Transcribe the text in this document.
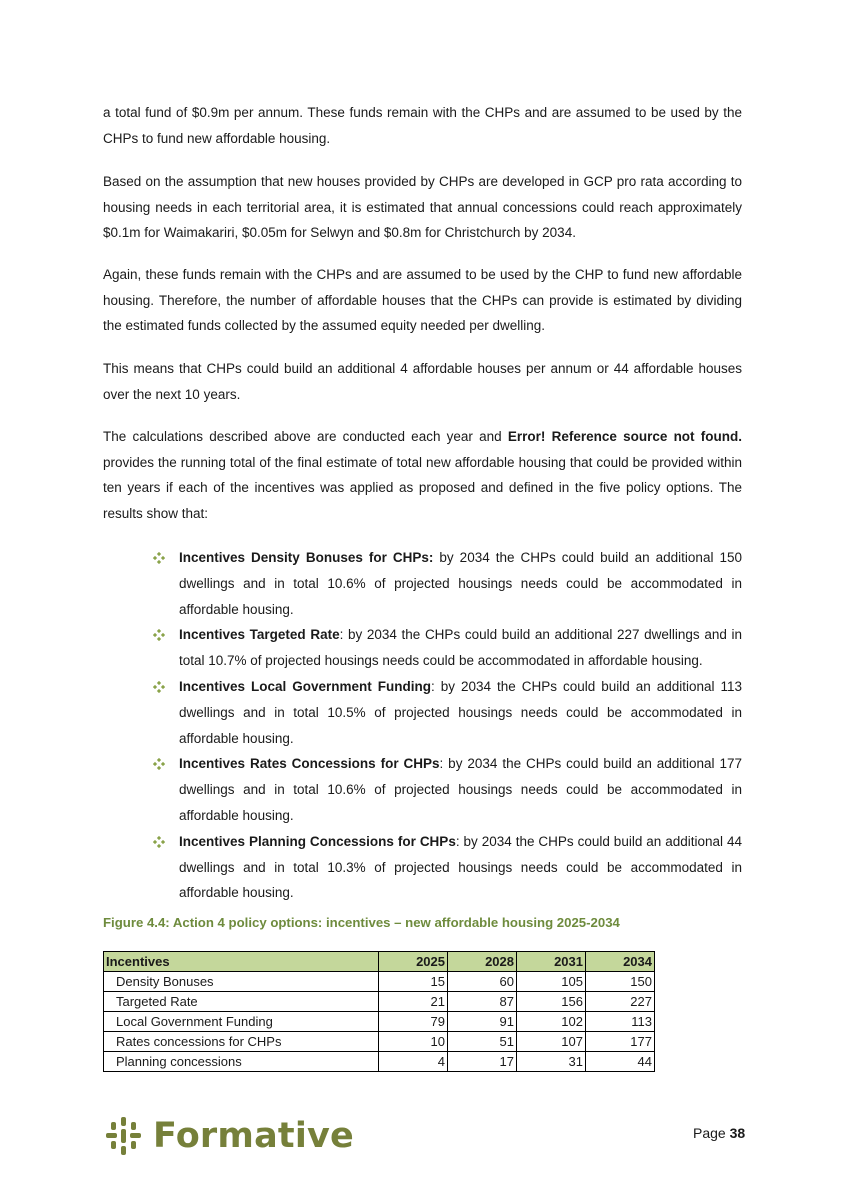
a total fund of $0.9m per annum. These funds remain with the CHPs and are assumed to be used by the CHPs to fund new affordable housing.

Based on the assumption that new houses provided by CHPs are developed in GCP pro rata according to housing needs in each territorial area, it is estimated that annual concessions could reach approximately $0.1m for Waimakariri, $0.05m for Selwyn and $0.8m for Christchurch by 2034.

Again, these funds remain with the CHPs and are assumed to be used by the CHP to fund new affordable housing. Therefore, the number of affordable houses that the CHPs can provide is estimated by dividing the estimated funds collected by the assumed equity needed per dwelling.

This means that CHPs could build an additional 4 affordable houses per annum or 44 affordable houses over the next 10 years.

The calculations described above are conducted each year and Error! Reference source not found. provides the running total of the final estimate of total new affordable housing that could be provided within ten years if each of the incentives was applied as proposed and defined in the five policy options. The results show that:

Incentives Density Bonuses for CHPs: by 2034 the CHPs could build an additional 150 dwellings and in total 10.6% of projected housings needs could be accommodated in affordable housing.
Incentives Targeted Rate: by 2034 the CHPs could build an additional 227 dwellings and in total 10.7% of projected housings needs could be accommodated in affordable housing.
Incentives Local Government Funding: by 2034 the CHPs could build an additional 113 dwellings and in total 10.5% of projected housings needs could be accommodated in affordable housing.
Incentives Rates Concessions for CHPs: by 2034 the CHPs could build an additional 177 dwellings and in total 10.6% of projected housings needs could be accommodated in affordable housing.
Incentives Planning Concessions for CHPs: by 2034 the CHPs could build an additional 44 dwellings and in total 10.3% of projected housings needs could be accommodated in affordable housing.

Figure 4.4: Action 4 policy options: incentives – new affordable housing 2025-2034

Incentives	2025	2028	2031	2034
Density Bonuses	15	60	105	150
Targeted Rate	21	87	156	227
Local Government Funding	79	91	102	113
Rates concessions for CHPs	10	51	107	177
Planning concessions	4	17	31	44
Formative	Page 38
